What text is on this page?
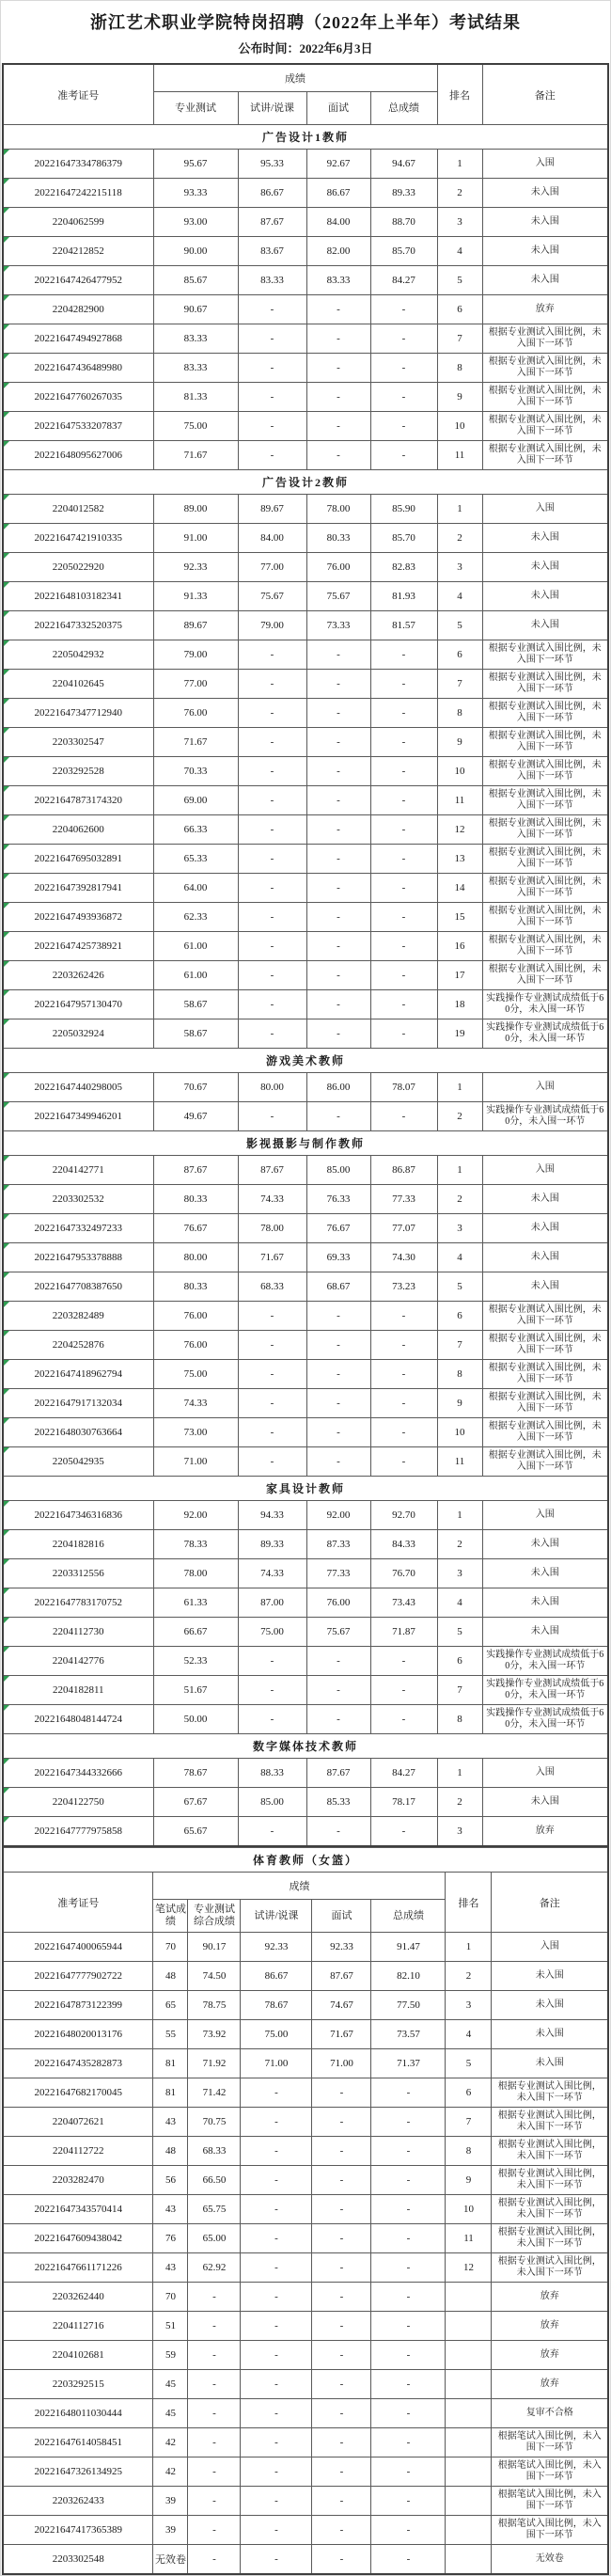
浙江艺术职业学院特岗招聘（2022年上半年）考试结果
公布时间：2022年6月3日
准考证号	成绩				排名	备注
	专业测试	试讲/说课	面试	总成绩		
广告设计1教师						
20221647334786379	95.67	95.33	92.67	94.67	1	入围
20221647242215118	93.33	86.67	86.67	89.33	2	未入围
2204062599	93.00	87.67	84.00	88.70	3	未入围
2204212852	90.00	83.67	82.00	85.70	4	未入围
20221647426477952	85.67	83.33	83.33	84.27	5	未入围
2204282900	90.67	-	-	-	6	放弃
20221647494927868	83.33	-	-	-	7	根据专业测试入围比例，未入围下一环节
20221647436489980	83.33	-	-	-	8	根据专业测试入围比例，未入围下一环节
20221647760267035	81.33	-	-	-	9	根据专业测试入围比例，未入围下一环节
20221647533207837	75.00	-	-	-	10	根据专业测试入围比例，未入围下一环节
20221648095627006	71.67	-	-	-	11	根据专业测试入围比例，未入围下一环节
广告设计2教师						
2204012582	89.00	89.67	78.00	85.90	1	入围
20221647421910335	91.00	84.00	80.33	85.70	2	未入围
2205022920	92.33	77.00	76.00	82.83	3	未入围
20221648103182341	91.33	75.67	75.67	81.93	4	未入围
20221647332520375	89.67	79.00	73.33	81.57	5	未入围
2205042932	79.00	-	-	-	6	根据专业测试入围比例，未入围下一环节
2204102645	77.00	-	-	-	7	根据专业测试入围比例，未入围下一环节
20221647347712940	76.00	-	-	-	8	根据专业测试入围比例，未入围下一环节
2203302547	71.67	-	-	-	9	根据专业测试入围比例，未入围下一环节
2203292528	70.33	-	-	-	10	根据专业测试入围比例，未入围下一环节
20221647873174320	69.00	-	-	-	11	根据专业测试入围比例，未入围下一环节
2204062600	66.33	-	-	-	12	根据专业测试入围比例，未入围下一环节
20221647695032891	65.33	-	-	-	13	根据专业测试入围比例，未入围下一环节
20221647392817941	64.00	-	-	-	14	根据专业测试入围比例，未入围下一环节
20221647493936872	62.33	-	-	-	15	根据专业测试入围比例，未入围下一环节
20221647425738921	61.00	-	-	-	16	根据专业测试入围比例，未入围下一环节
2203262426	61.00	-	-	-	17	根据专业测试入围比例，未入围下一环节
20221647957130470	58.67	-	-	-	18	实践操作专业测试成绩低于60分，未入围一环节
2205032924	58.67	-	-	-	19	实践操作专业测试成绩低于60分，未入围一环节
游戏美术教师						
20221647440298005	70.67	80.00	86.00	78.07	1	入围
20221647349946201	49.67	-	-	-	2	实践操作专业测试成绩低于60分，未入围一环节
影视摄影与制作教师						
2204142771	87.67	87.67	85.00	86.87	1	入围
2203302532	80.33	74.33	76.33	77.33	2	未入围
20221647332497233	76.67	78.00	76.67	77.07	3	未入围
20221647953378888	80.00	71.67	69.33	74.30	4	未入围
20221647708387650	80.33	68.33	68.67	73.23	5	未入围
2203282489	76.00	-	-	-	6	根据专业测试入围比例，未入围下一环节
2204252876	76.00	-	-	-	7	根据专业测试入围比例，未入围下一环节
20221647418962794	75.00	-	-	-	8	根据专业测试入围比例，未入围下一环节
20221647917132034	74.33	-	-	-	9	根据专业测试入围比例，未入围下一环节
20221648030763664	73.00	-	-	-	10	根据专业测试入围比例，未入围下一环节
2205042935	71.00	-	-	-	11	根据专业测试入围比例，未入围下一环节
家具设计教师						
20221647346316836	92.00	94.33	92.00	92.70	1	入围
2204182816	78.33	89.33	87.33	84.33	2	未入围
2203312556	78.00	74.33	77.33	76.70	3	未入围
20221647783170752	61.33	87.00	76.00	73.43	4	未入围
2204112730	66.67	75.00	75.67	71.87	5	未入围
2204142776	52.33	-	-	-	6	实践操作专业测试成绩低于60分，未入围一环节
2204182811	51.67	-	-	-	7	实践操作专业测试成绩低于60分，未入围一环节
20221648048144724	50.00	-	-	-	8	实践操作专业测试成绩低于60分，未入围一环节
数字媒体技术教师						
20221647344332666	78.67	88.33	87.67	84.27	1	入围
2204122750	67.67	85.00	85.33	78.17	2	未入围
20221647777975858	65.67	-	-	-	3	放弃
体育教师（女篮）							
准考证号	成绩					排名	备注
	笔试成绩	专业测试综合成绩	试讲/说课	面试	总成绩		
20221647400065944	70	90.17	92.33	92.33	91.47	1	入围
20221647777902722	48	74.50	86.67	87.67	82.10	2	未入围
20221647873122399	65	78.75	78.67	74.67	77.50	3	未入围
20221648020013176	55	73.92	75.00	71.67	73.57	4	未入围
20221647435282873	81	71.92	71.00	71.00	71.37	5	未入围
20221647682170045	81	71.42	-	-	-	6	根据专业测试入围比例，未入围下一环节
2204072621	43	70.75	-	-	-	7	根据专业测试入围比例，未入围下一环节
2204112722	48	68.33	-	-	-	8	根据专业测试入围比例，未入围下一环节
2203282470	56	66.50	-	-	-	9	根据专业测试入围比例，未入围下一环节
20221647343570414	43	65.75	-	-	-	10	根据专业测试入围比例，未入围下一环节
20221647609438042	76	65.00	-	-	-	11	根据专业测试入围比例，未入围下一环节
20221647661171226	43	62.92	-	-	-	12	根据专业测试入围比例，未入围下一环节
2203262440	70	-	-	-	-		放弃
2204112716	51	-	-	-	-		放弃
2204102681	59	-	-	-	-		放弃
2203292515	45	-	-	-	-		放弃
20221648011030444	45	-	-	-	-		复审不合格
20221647614058451	42	-	-	-	-		根据笔试入围比例，未入围下一环节
20221647326134925	42	-	-	-	-		根据笔试入围比例，未入围下一环节
2203262433	39	-	-	-	-		根据笔试入围比例，未入围下一环节
20221647417365389	39	-	-	-	-		根据笔试入围比例，未入围下一环节
2203302548	无效卷	-	-	-	-		无效卷
